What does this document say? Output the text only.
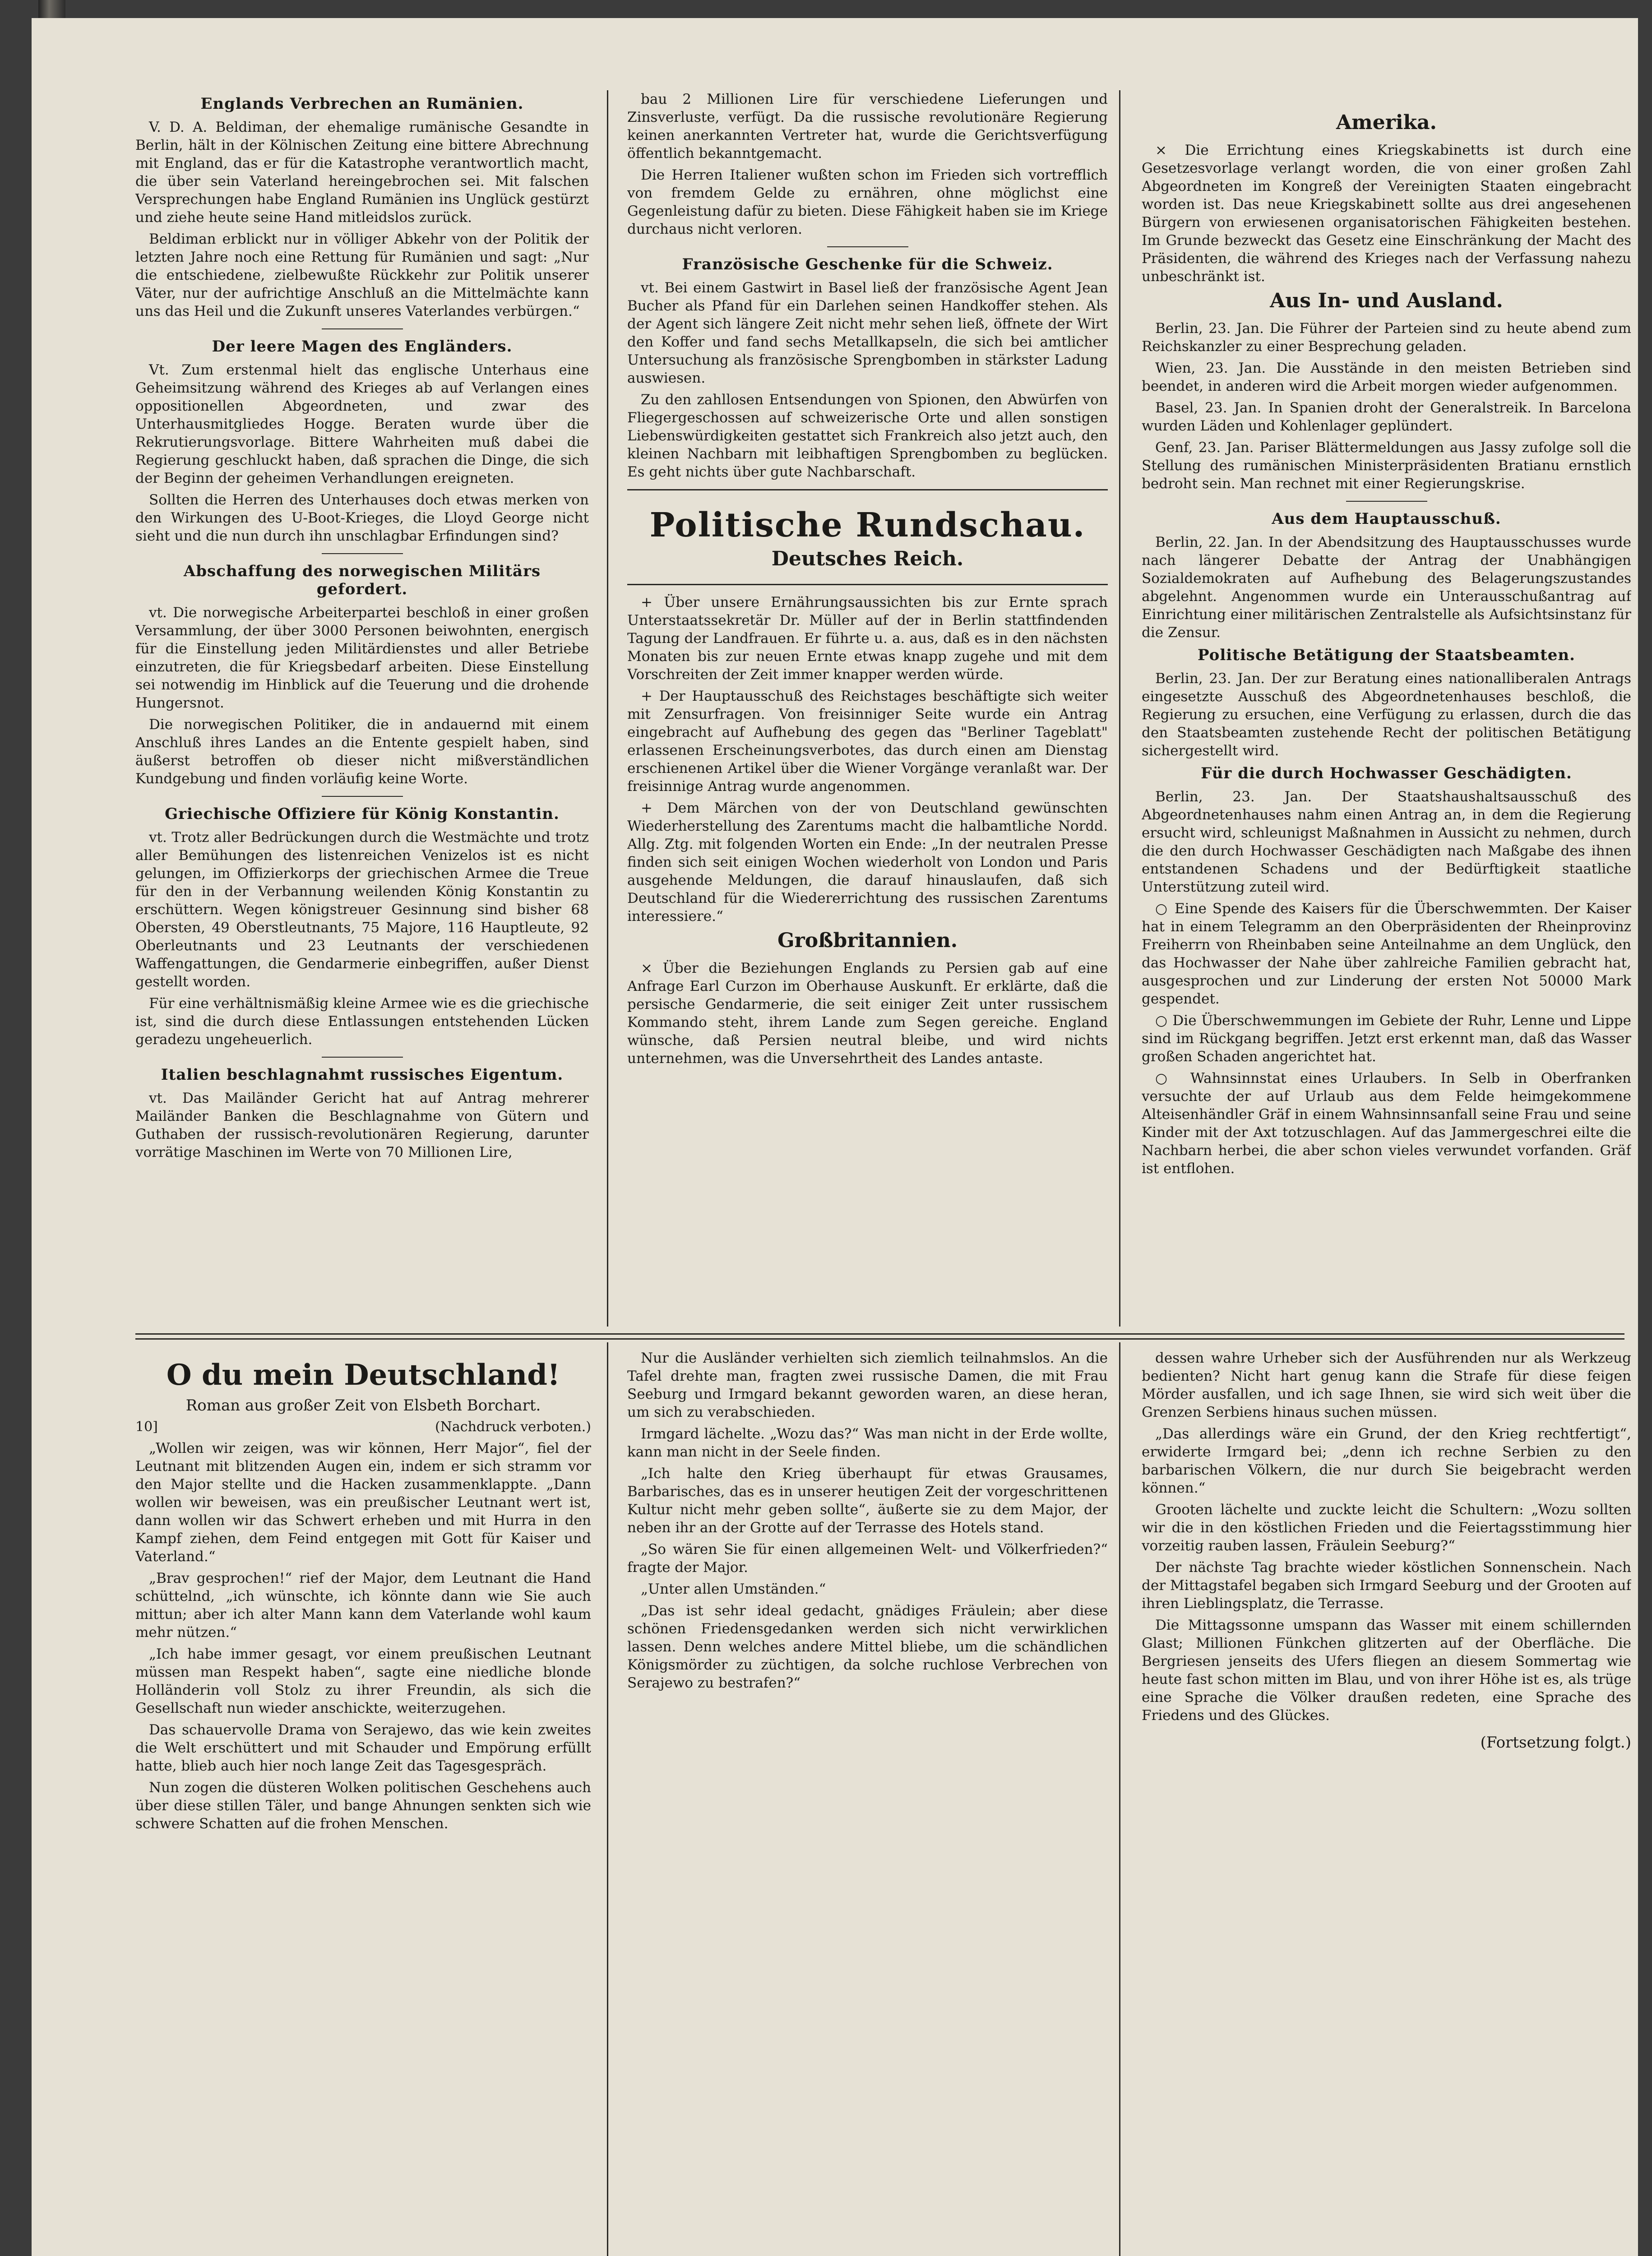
Englands Verbrechen an Rumänien.

V. D. A. Beldiman, der ehemalige rumänische Gesandte in Berlin, hält in der Kölnischen Zeitung eine bittere Abrechnung mit England, das er für die Katastrophe verantwortlich macht, die über sein Vaterland hereingebrochen sei. Mit falschen Versprechungen habe England Rumänien ins Unglück gestürzt und ziehe heute seine Hand mitleidslos zurück.

Beldiman erblickt nur in völliger Abkehr von der Politik der letzten Jahre noch eine Rettung für Rumänien und sagt: „Nur die entschiedene, zielbewußte Rückkehr zur Politik unserer Väter, nur der aufrichtige Anschluß an die Mittelmächte kann uns das Heil und die Zukunft unseres Vaterlandes verbürgen.“

Der leere Magen des Engländers.

Vt. Zum erstenmal hielt das englische Unterhaus eine Geheimsitzung während des Krieges ab auf Verlangen eines oppositionellen Abgeordneten, und zwar des Unterhausmitgliedes Hogge. Beraten wurde über die Rekrutierungsvorlage. Bittere Wahrheiten muß dabei die Regierung geschluckt haben, daß sprachen die Dinge, die sich der Beginn der geheimen Verhandlungen ereigneten.

Sollten die Herren des Unterhauses doch etwas merken von den Wirkungen des U-Boot-Krieges, die Lloyd George nicht sieht und die nun durch ihn unschlagbar Erfindungen sind?

Abschaffung des norwegischen Militärs gefordert.

vt. Die norwegische Arbeiterpartei beschloß in einer großen Versammlung, der über 3000 Personen beiwohnten, energisch für die Einstellung jeden Militärdienstes und aller Betriebe einzutreten, die für Kriegsbedarf arbeiten. Diese Einstellung sei notwendig im Hinblick auf die Teuerung und die drohende Hungersnot.

Die norwegischen Politiker, die in andauernd mit einem Anschluß ihres Landes an die Entente gespielt haben, sind äußerst betroffen ob dieser nicht mißverständlichen Kundgebung und finden vorläufig keine Worte.

Griechische Offiziere für König Konstantin.

vt. Trotz aller Bedrückungen durch die Westmächte und trotz aller Bemühungen des listenreichen Venizelos ist es nicht gelungen, im Offizierkorps der griechischen Armee die Treue für den in der Verbannung weilenden König Konstantin zu erschüttern. Wegen königstreuer Gesinnung sind bisher 68 Obersten, 49 Oberstleutnants, 75 Majore, 116 Hauptleute, 92 Oberleutnants und 23 Leutnants der verschiedenen Waffengattungen, die Gendarmerie einbegriffen, außer Dienst gestellt worden.

Für eine verhältnismäßig kleine Armee wie es die griechische ist, sind die durch diese Entlassungen entstehenden Lücken geradezu ungeheuerlich.

Italien beschlagnahmt russisches Eigentum.

vt. Das Mailänder Gericht hat auf Antrag mehrerer Mailänder Banken die Beschlagnahme von Gütern und Guthaben der russisch-revolutionären Regierung, darunter vorrätige Maschinen im Werte von 70 Millionen Lire,

bau 2 Millionen Lire für verschiedene Lieferungen und Zinsverluste, verfügt. Da die russische revolutionäre Regierung keinen anerkannten Vertreter hat, wurde die Gerichtsverfügung öffentlich bekanntgemacht.

Die Herren Italiener wußten schon im Frieden sich vortrefflich von fremdem Gelde zu ernähren, ohne möglichst eine Gegenleistung dafür zu bieten. Diese Fähigkeit haben sie im Kriege durchaus nicht verloren.

Französische Geschenke für die Schweiz.

vt. Bei einem Gastwirt in Basel ließ der französische Agent Jean Bucher als Pfand für ein Darlehen seinen Handkoffer stehen. Als der Agent sich längere Zeit nicht mehr sehen ließ, öffnete der Wirt den Koffer und fand sechs Metallkapseln, die sich bei amtlicher Untersuchung als französische Sprengbomben in stärkster Ladung auswiesen.

Zu den zahllosen Entsendungen von Spionen, den Abwürfen von Fliegergeschossen auf schweizerische Orte und allen sonstigen Liebenswürdigkeiten gestattet sich Frankreich also jetzt auch, den kleinen Nachbarn mit leibhaftigen Sprengbomben zu beglücken. Es geht nichts über gute Nachbarschaft.

Politische Rundschau.
Deutsches Reich.

+ Über unsere Ernährungsaussichten bis zur Ernte sprach Unterstaatssekretär Dr. Müller auf der in Berlin stattfindenden Tagung der Landfrauen. Er führte u. a. aus, daß es in den nächsten Monaten bis zur neuen Ernte etwas knapp zugehe und mit dem Vorschreiten der Zeit immer knapper werden würde.

+ Der Hauptausschuß des Reichstages beschäftigte sich weiter mit Zensurfragen. Von freisinniger Seite wurde ein Antrag eingebracht auf Aufhebung des gegen das "Berliner Tageblatt" erlassenen Erscheinungsverbotes, das durch einen am Dienstag erschienenen Artikel über die Wiener Vorgänge veranlaßt war. Der freisinnige Antrag wurde angenommen.

+ Dem Märchen von der von Deutschland gewünschten Wiederherstellung des Zarentums macht die halbamtliche Nordd. Allg. Ztg. mit folgenden Worten ein Ende: „In der neutralen Presse finden sich seit einigen Wochen wiederholt von London und Paris ausgehende Meldungen, die darauf hinauslaufen, daß sich Deutschland für die Wiedererrichtung des russischen Zarentums interessiere.“

Großbritannien.

× Über die Beziehungen Englands zu Persien gab auf eine Anfrage Earl Curzon im Oberhause Auskunft. Er erklärte, daß die persische Gendarmerie, die seit einiger Zeit unter russischem Kommando steht, ihrem Lande zum Segen gereiche. England wünsche, daß Persien neutral bleibe, und wird nichts unternehmen, was die Unversehrtheit des Landes antaste.

Amerika.

× Die Errichtung eines Kriegskabinetts ist durch eine Gesetzesvorlage verlangt worden, die von einer großen Zahl Abgeordneten im Kongreß der Vereinigten Staaten eingebracht worden ist. Das neue Kriegskabinett sollte aus drei angesehenen Bürgern von erwiesenen organisatorischen Fähigkeiten bestehen. Im Grunde bezweckt das Gesetz eine Einschränkung der Macht des Präsidenten, die während des Krieges nach der Verfassung nahezu unbeschränkt ist.

Aus In- und Ausland.

Berlin, 23. Jan. Die Führer der Parteien sind zu heute abend zum Reichskanzler zu einer Besprechung geladen.

Wien, 23. Jan. Die Ausstände in den meisten Betrieben sind beendet, in anderen wird die Arbeit morgen wieder aufgenommen.

Basel, 23. Jan. In Spanien droht der Generalstreik. In Barcelona wurden Läden und Kohlenlager geplündert.

Genf, 23. Jan. Pariser Blättermeldungen aus Jassy zufolge soll die Stellung des rumänischen Ministerpräsidenten Bratianu ernstlich bedroht sein. Man rechnet mit einer Regierungskrise.

Aus dem Hauptausschuß.

Berlin, 22. Jan. In der Abendsitzung des Hauptausschusses wurde nach längerer Debatte der Antrag der Unabhängigen Sozialdemokraten auf Aufhebung des Belagerungszustandes abgelehnt. Angenommen wurde ein Unterausschußantrag auf Einrichtung einer militärischen Zentralstelle als Aufsichtsinstanz für die Zensur.

Politische Betätigung der Staatsbeamten.

Berlin, 23. Jan. Der zur Beratung eines nationalliberalen Antrags eingesetzte Ausschuß des Abgeordnetenhauses beschloß, die Regierung zu ersuchen, eine Verfügung zu erlassen, durch die das den Staatsbeamten zustehende Recht der politischen Betätigung sichergestellt wird.

Für die durch Hochwasser Geschädigten.

Berlin, 23. Jan. Der Staatshaushaltsausschuß des Abgeordnetenhauses nahm einen Antrag an, in dem die Regierung ersucht wird, schleunigst Maßnahmen in Aussicht zu nehmen, durch die den durch Hochwasser Geschädigten nach Maßgabe des ihnen entstandenen Schadens und der Bedürftigkeit staatliche Unterstützung zuteil wird.

○ Eine Spende des Kaisers für die Überschwemmten. Der Kaiser hat in einem Telegramm an den Oberpräsidenten der Rheinprovinz Freiherrn von Rheinbaben seine Anteilnahme an dem Unglück, den das Hochwasser der Nahe über zahlreiche Familien gebracht hat, ausgesprochen und zur Linderung der ersten Not 50000 Mark gespendet.

○ Die Überschwemmungen im Gebiete der Ruhr, Lenne und Lippe sind im Rückgang begriffen. Jetzt erst erkennt man, daß das Wasser großen Schaden angerichtet hat.

○ Wahnsinnstat eines Urlaubers. In Selb in Oberfranken versuchte der auf Urlaub aus dem Felde heimgekommene Alteisenhändler Gräf in einem Wahnsinnsanfall seine Frau und seine Kinder mit der Axt totzuschlagen. Auf das Jammergeschrei eilte die Nachbarn herbei, die aber schon vieles verwundet vorfanden. Gräf ist entflohen.

O du mein Deutschland!
Roman aus großer Zeit von Elsbeth Borchart.
10]	(Nachdruck verboten.)

„Wollen wir zeigen, was wir können, Herr Major“, fiel der Leutnant mit blitzenden Augen ein, indem er sich stramm vor den Major stellte und die Hacken zusammenklappte. „Dann wollen wir beweisen, was ein preußischer Leutnant wert ist, dann wollen wir das Schwert erheben und mit Hurra in den Kampf ziehen, dem Feind entgegen mit Gott für Kaiser und Vaterland.“

„Brav gesprochen!“ rief der Major, dem Leutnant die Hand schüttelnd, „ich wünschte, ich könnte dann wie Sie auch mittun; aber ich alter Mann kann dem Vaterlande wohl kaum mehr nützen.“

„Ich habe immer gesagt, vor einem preußischen Leutnant müssen man Respekt haben“, sagte eine niedliche blonde Holländerin voll Stolz zu ihrer Freundin, als sich die Gesellschaft nun wieder anschickte, weiterzugehen.

Das schauervolle Drama von Serajewo, das wie kein zweites die Welt erschüttert und mit Schauder und Empörung erfüllt hatte, blieb auch hier noch lange Zeit das Tagesgespräch.

Nun zogen die düsteren Wolken politischen Geschehens auch über diese stillen Täler, und bange Ahnungen senkten sich wie schwere Schatten auf die frohen Menschen.

Nur die Ausländer verhielten sich ziemlich teilnahmslos. An die Tafel drehte man, fragten zwei russische Damen, die mit Frau Seeburg und Irmgard bekannt geworden waren, an diese heran, um sich zu verabschieden.

Irmgard lächelte. „Wozu das?“ Was man nicht in der Erde wollte, kann man nicht in der Seele finden.

„Ich halte den Krieg überhaupt für etwas Grausames, Barbarisches, das es in unserer heutigen Zeit der vorgeschrittenen Kultur nicht mehr geben sollte“, äußerte sie zu dem Major, der neben ihr an der Grotte auf der Terrasse des Hotels stand.

„So wären Sie für einen allgemeinen Welt- und Völkerfrieden?“ fragte der Major.

„Unter allen Umständen.“

„Das ist sehr ideal gedacht, gnädiges Fräulein; aber diese schönen Friedensgedanken werden sich nicht verwirklichen lassen. Denn welches andere Mittel bliebe, um die schändlichen Königsmörder zu züchtigen, da solche ruchlose Verbrechen von Serajewo zu bestrafen?“

dessen wahre Urheber sich der Ausführenden nur als Werkzeug bedienten? Nicht hart genug kann die Strafe für diese feigen Mörder ausfallen, und ich sage Ihnen, sie wird sich weit über die Grenzen Serbiens hinaus suchen müssen.

„Das allerdings wäre ein Grund, der den Krieg rechtfertigt“, erwiderte Irmgard bei; „denn ich rechne Serbien zu den barbarischen Völkern, die nur durch Sie beigebracht werden können.“

Grooten lächelte und zuckte leicht die Schultern: „Wozu sollten wir die in den köstlichen Frieden und die Feiertagsstimmung hier vorzeitig rauben lassen, Fräulein Seeburg?“

Der nächste Tag brachte wieder köstlichen Sonnenschein. Nach der Mittagstafel begaben sich Irmgard Seeburg und der Grooten auf ihren Lieblingsplatz, die Terrasse.

Die Mittagssonne umspann das Wasser mit einem schillernden Glast; Millionen Fünkchen glitzerten auf der Oberfläche. Die Bergriesen jenseits des Ufers fliegen an diesem Sommertag wie heute fast schon mitten im Blau, und von ihrer Höhe ist es, als trüge eine Sprache die Völker draußen redeten, eine Sprache des Friedens und des Glückes.

(Fortsetzung folgt.)
